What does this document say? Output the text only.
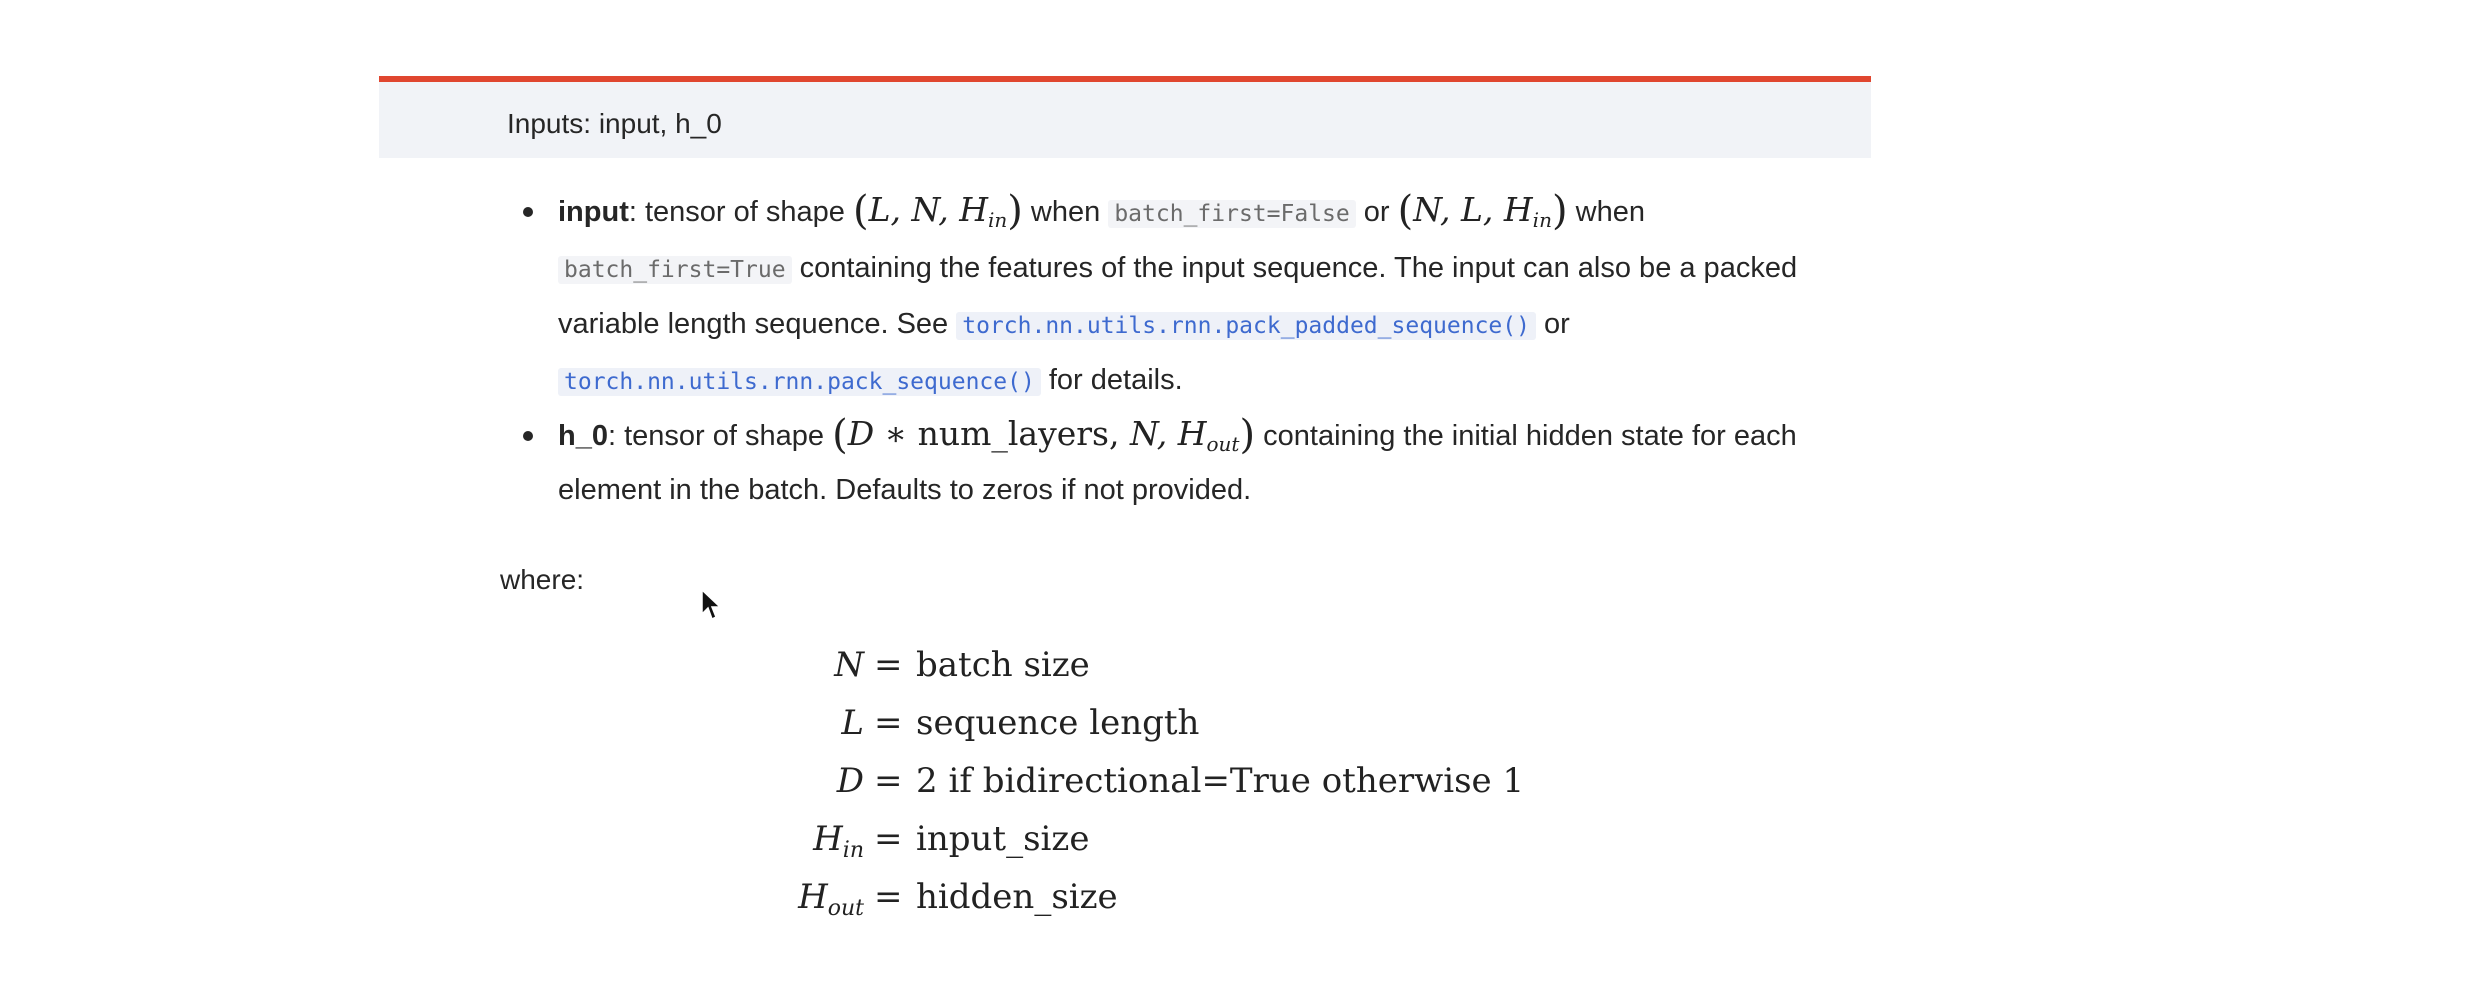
Inputs: input, h_0
input: tensor of shape (L, N, $H_{in}$) when batch_first=False or (N, L, $H_{in}$) when
batch_first=True containing the features of the input sequence. The input can also be a packed
variable length sequence. See torch.nn.utils.rnn.pack_padded_sequence() or
torch.nn.utils.rnn.pack_sequence() for details.
h_0: tensor of shape (D ∗ num_layers, N, $H_{out}$) containing the initial hidden state for each
element in the batch. Defaults to zeros if not provided.
where:
N = batch size
L = sequence length
D = 2 if bidirectional=True otherwise 1
$H_{in}$ = input_size
$H_{out}$ = hidden_size
